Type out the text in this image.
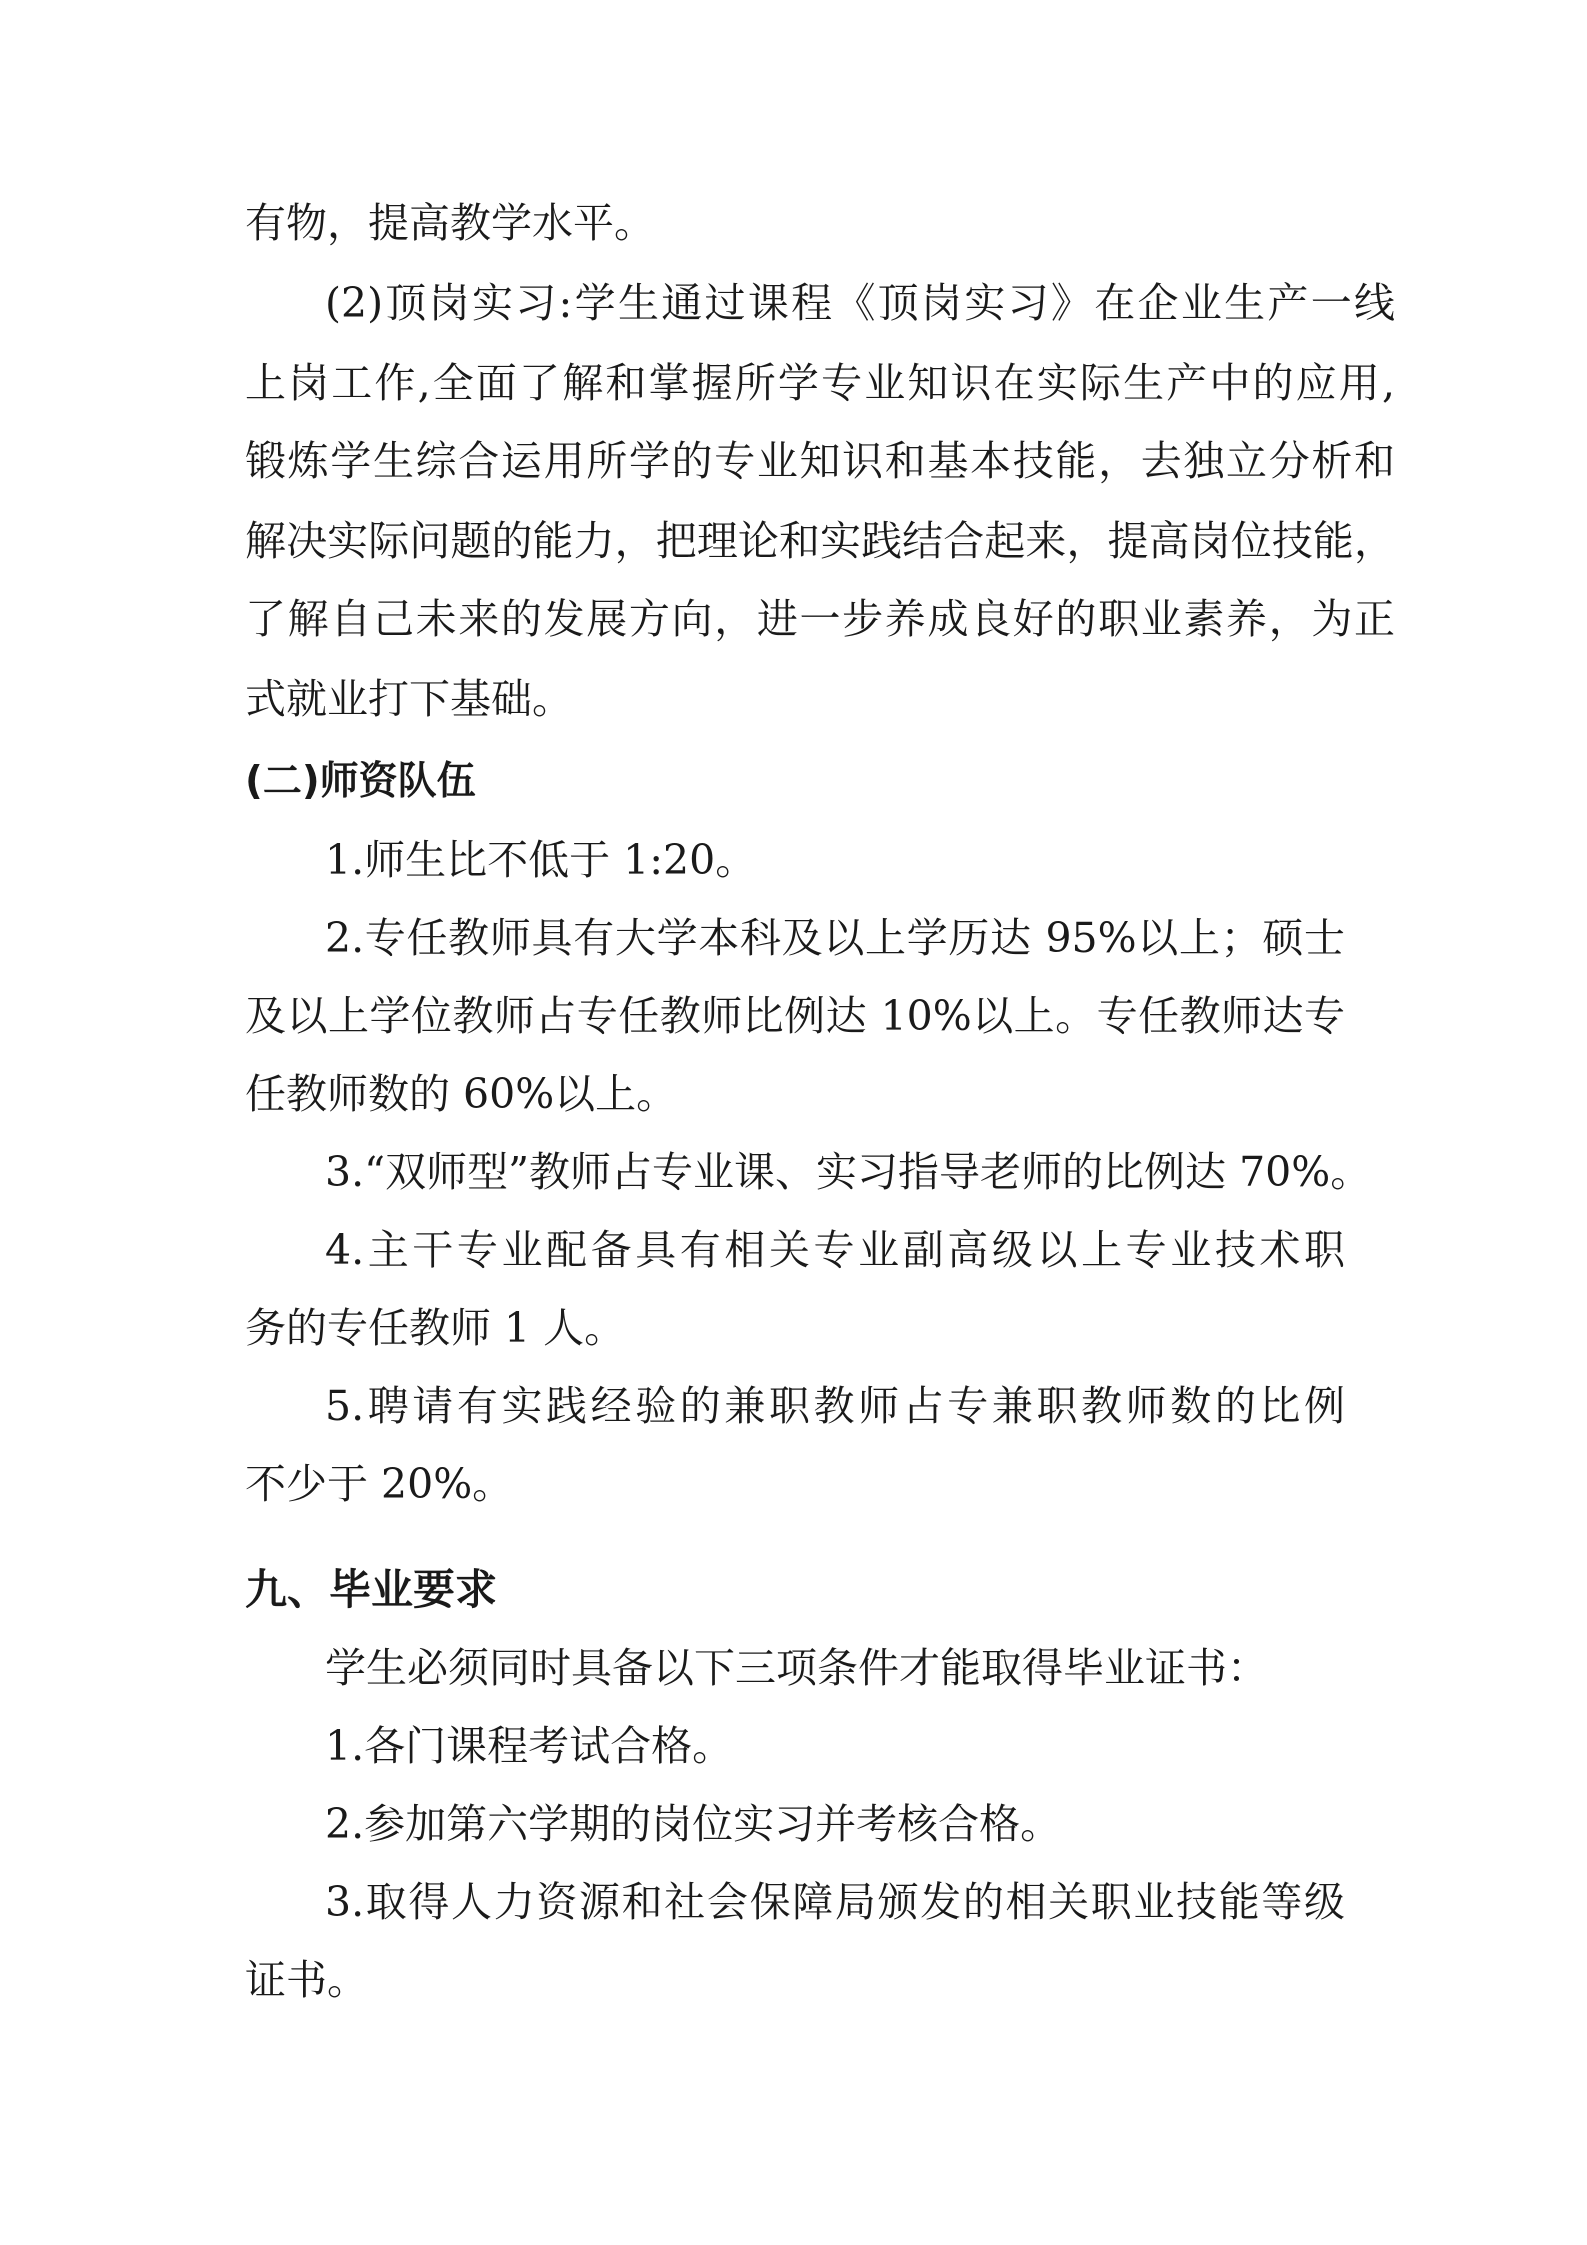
有物，提高教学水平。
(2)顶岗实习:学生通过课程《顶岗实习》在企业生产一线
上岗工作,全面了解和掌握所学专业知识在实际生产中的应用,
锻炼学生综合运用所学的专业知识和基本技能，去独立分析和
解决实际问题的能力，把理论和实践结合起来，提高岗位技能，
了解自己未来的发展方向，进一步养成良好的职业素养，为正
式就业打下基础。
(二)师资队伍
1.师生比不低于 1:20。
2.专任教师具有大学本科及以上学历达 95%以上；硕士
及以上学位教师占专任教师比例达 10%以上。专任教师达专
任教师数的 60%以上。
3.“双师型”教师占专业课、实习指导老师的比例达 70%。
4.主干专业配备具有相关专业副高级以上专业技术职
务的专任教师 1 人。
5.聘请有实践经验的兼职教师占专兼职教师数的比例
不少于 20%。
九、毕业要求
学生必须同时具备以下三项条件才能取得毕业证书：
1.各门课程考试合格。
2.参加第六学期的岗位实习并考核合格。
3.取得人力资源和社会保障局颁发的相关职业技能等级
证书。
